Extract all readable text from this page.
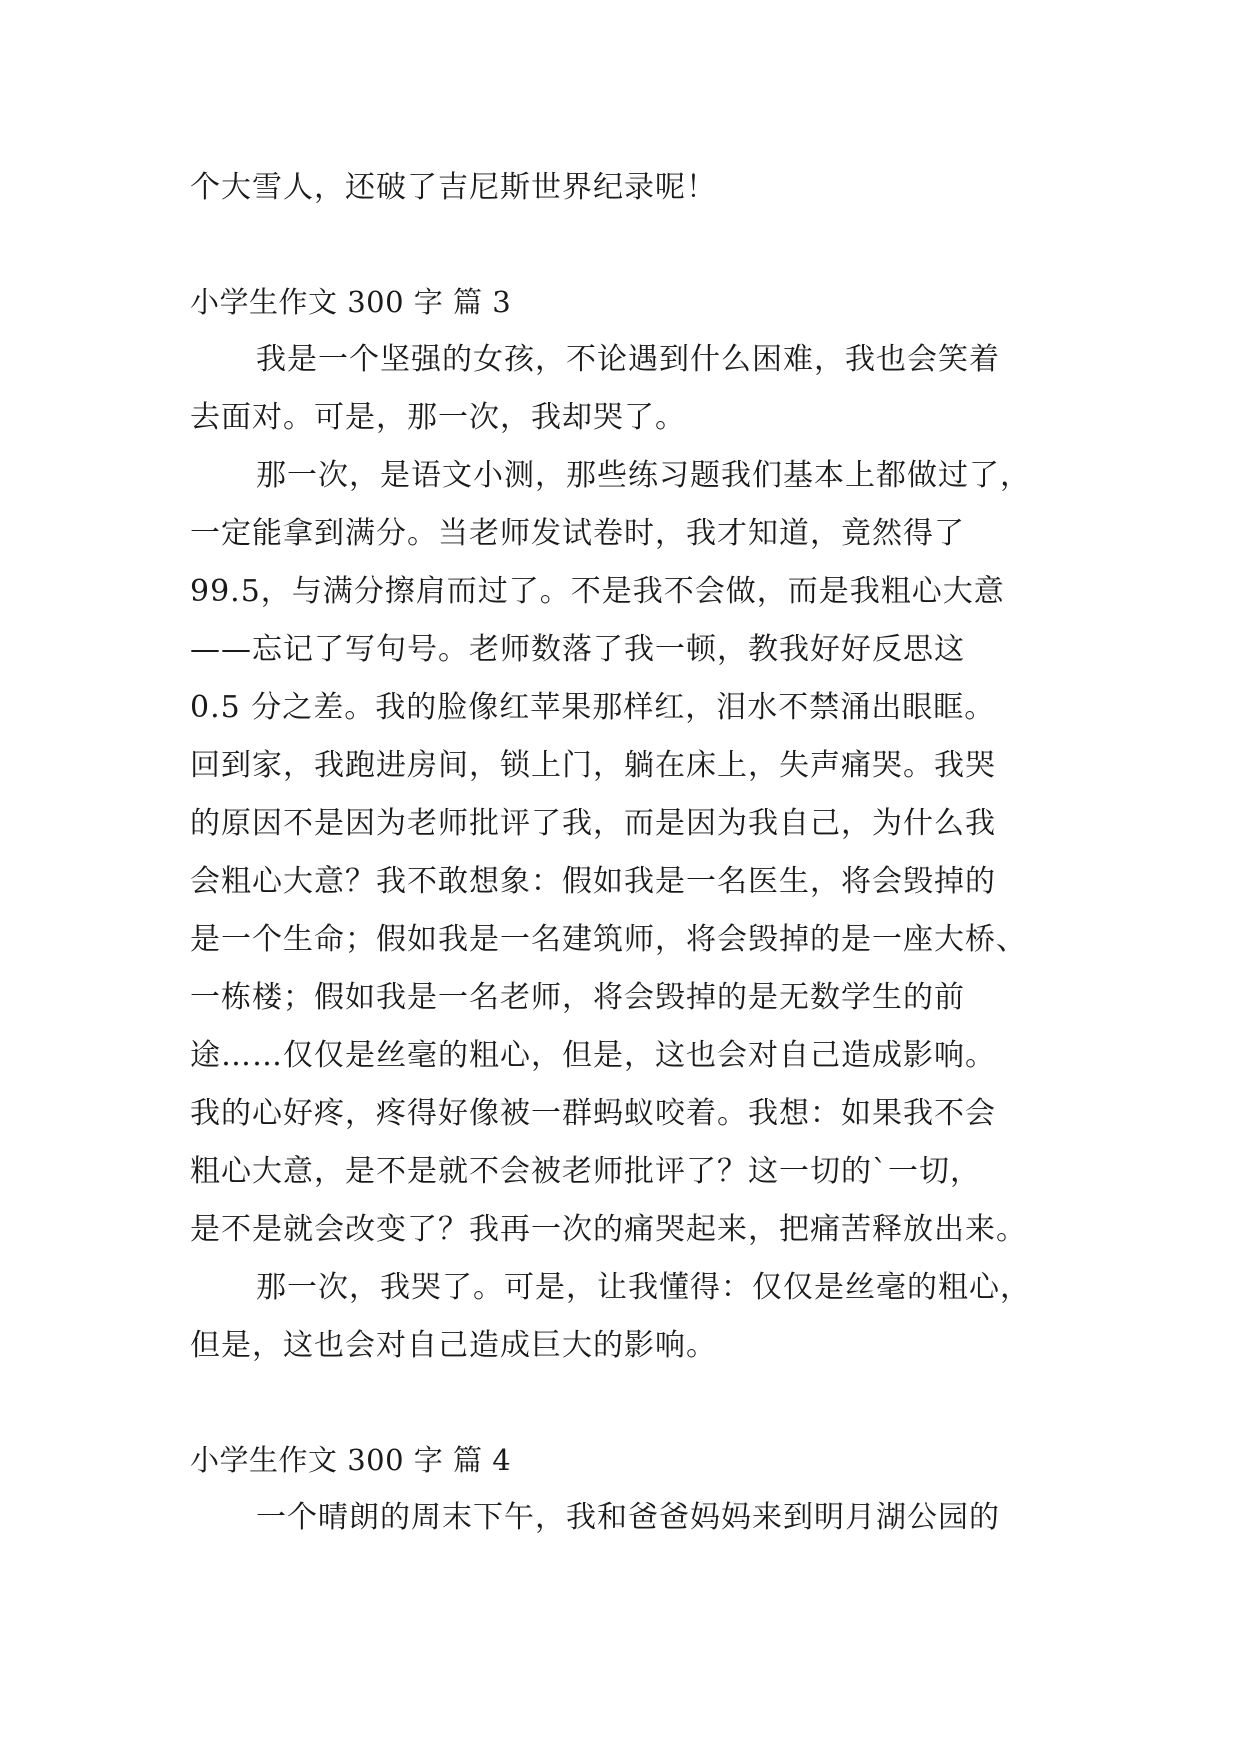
个大雪人，还破了吉尼斯世界纪录呢！
小学生作文 300 字 篇 3
我是一个坚强的女孩，不论遇到什么困难，我也会笑着
去面对。可是，那一次，我却哭了。
那一次，是语文小测，那些练习题我们基本上都做过了，
一定能拿到满分。当老师发试卷时，我才知道，竟然得了
99.5，与满分擦肩而过了。不是我不会做，而是我粗心大意
——忘记了写句号。老师数落了我一顿，教我好好反思这
0.5 分之差。我的脸像红苹果那样红，泪水不禁涌出眼眶。
回到家，我跑进房间，锁上门，躺在床上，失声痛哭。我哭
的原因不是因为老师批评了我，而是因为我自己，为什么我
会粗心大意？我不敢想象：假如我是一名医生，将会毁掉的
是一个生命；假如我是一名建筑师，将会毁掉的是一座大桥、
一栋楼；假如我是一名老师，将会毁掉的是无数学生的前
途……仅仅是丝毫的粗心，但是，这也会对自己造成影响。
我的心好疼，疼得好像被一群蚂蚁咬着。我想：如果我不会
粗心大意，是不是就不会被老师批评了？这一切的`一切，
是不是就会改变了？我再一次的痛哭起来，把痛苦释放出来。
那一次，我哭了。可是，让我懂得：仅仅是丝毫的粗心，
但是，这也会对自己造成巨大的影响。
小学生作文 300 字 篇 4
一个晴朗的周末下午，我和爸爸妈妈来到明月湖公园的
